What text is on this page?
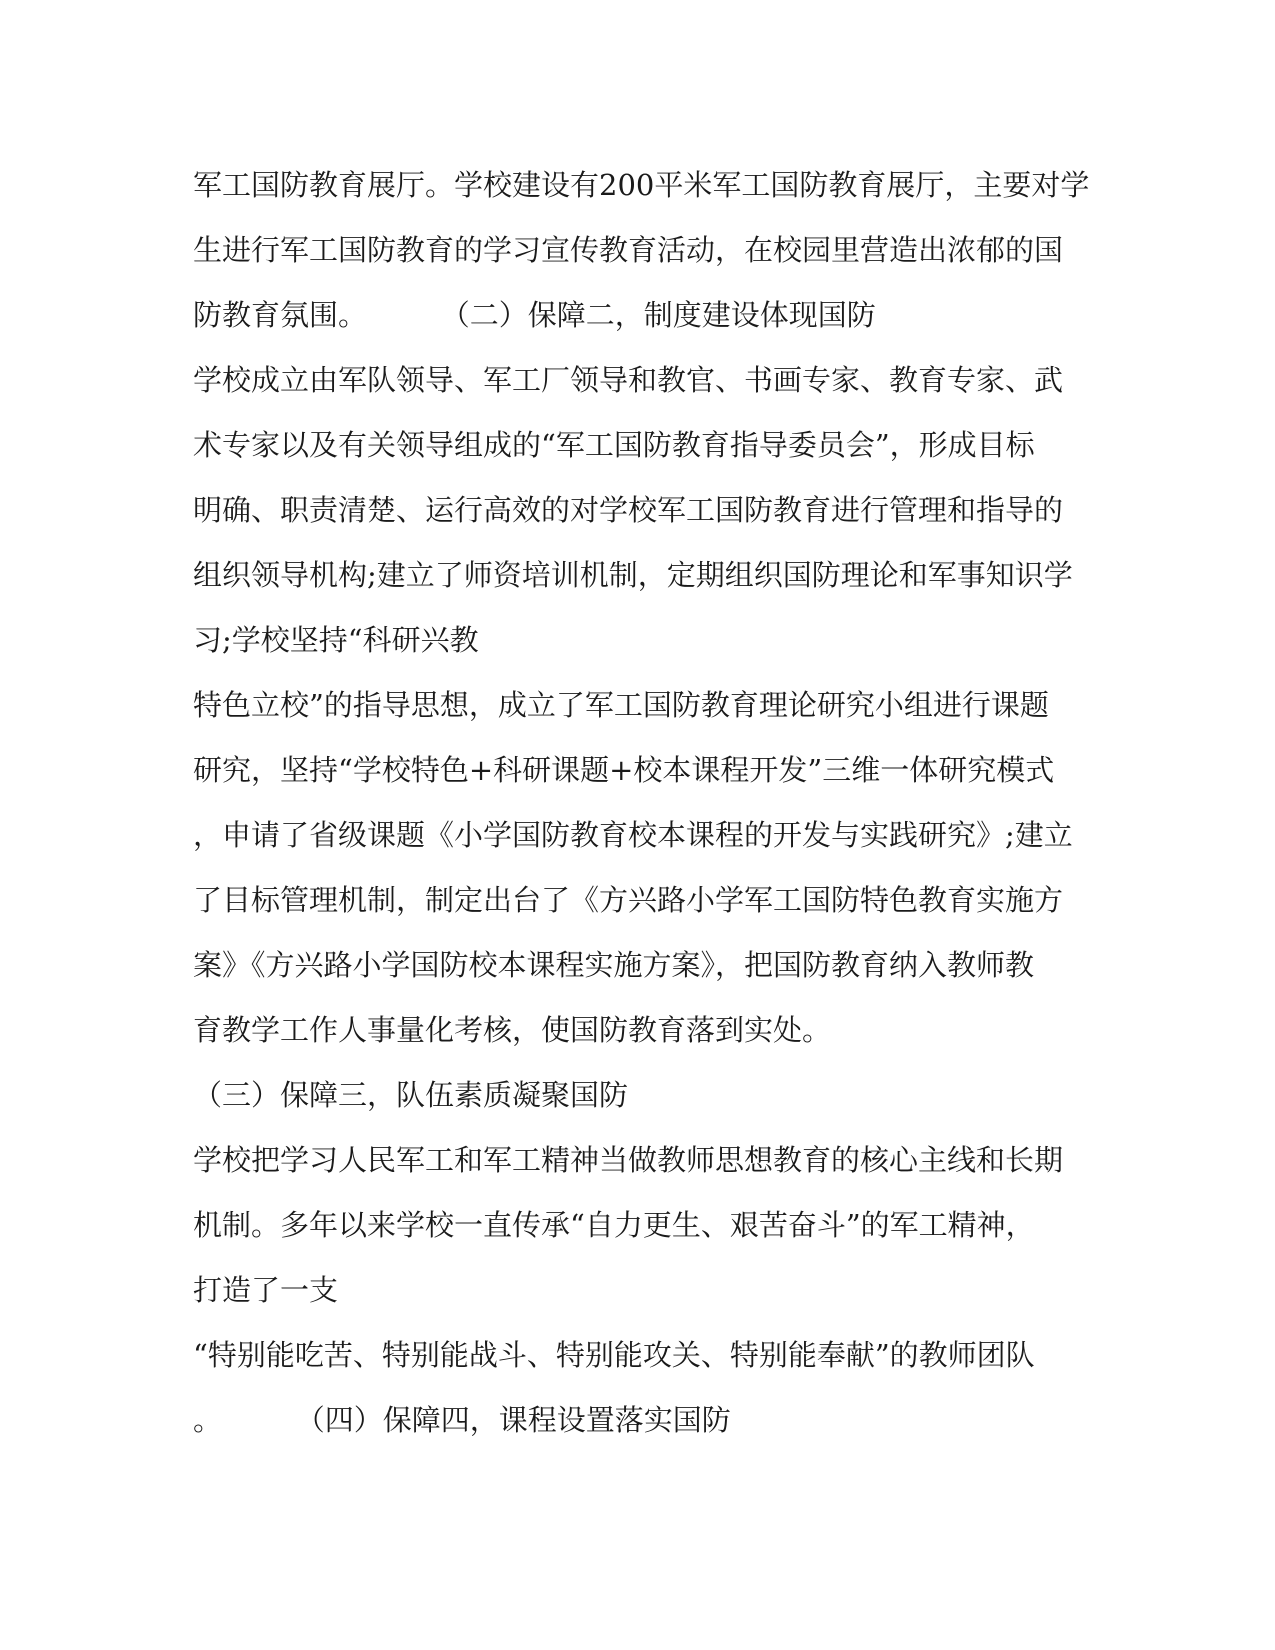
军工国防教育展厅。学校建设有200平米军工国防教育展厅，主要对学
生进行军工国防教育的学习宣传教育活动，在校园里营造出浓郁的国
防教育氛围。        （二）保障二，制度建设体现国防
学校成立由军队领导、军工厂领导和教官、书画专家、教育专家、武
术专家以及有关领导组成的“军工国防教育指导委员会”，形成目标
明确、职责清楚、运行高效的对学校军工国防教育进行管理和指导的
组织领导机构;建立了师资培训机制，定期组织国防理论和军事知识学
习;学校坚持“科研兴教
特色立校”的指导思想，成立了军工国防教育理论研究小组进行课题
研究，坚持“学校特色+科研课题+校本课程开发”三维一体研究模式
，申请了省级课题《小学国防教育校本课程的开发与实践研究》;建立
了目标管理机制，制定出台了《方兴路小学军工国防特色教育实施方
案》《方兴路小学国防校本课程实施方案》，把国防教育纳入教师教
育教学工作人事量化考核，使国防教育落到实处。
（三）保障三，队伍素质凝聚国防
学校把学习人民军工和军工精神当做教师思想教育的核心主线和长期
机制。多年以来学校一直传承“自力更生、艰苦奋斗”的军工精神，
打造了一支
“特别能吃苦、特别能战斗、特别能攻关、特别能奉献”的教师团队
。        （四）保障四，课程设置落实国防
